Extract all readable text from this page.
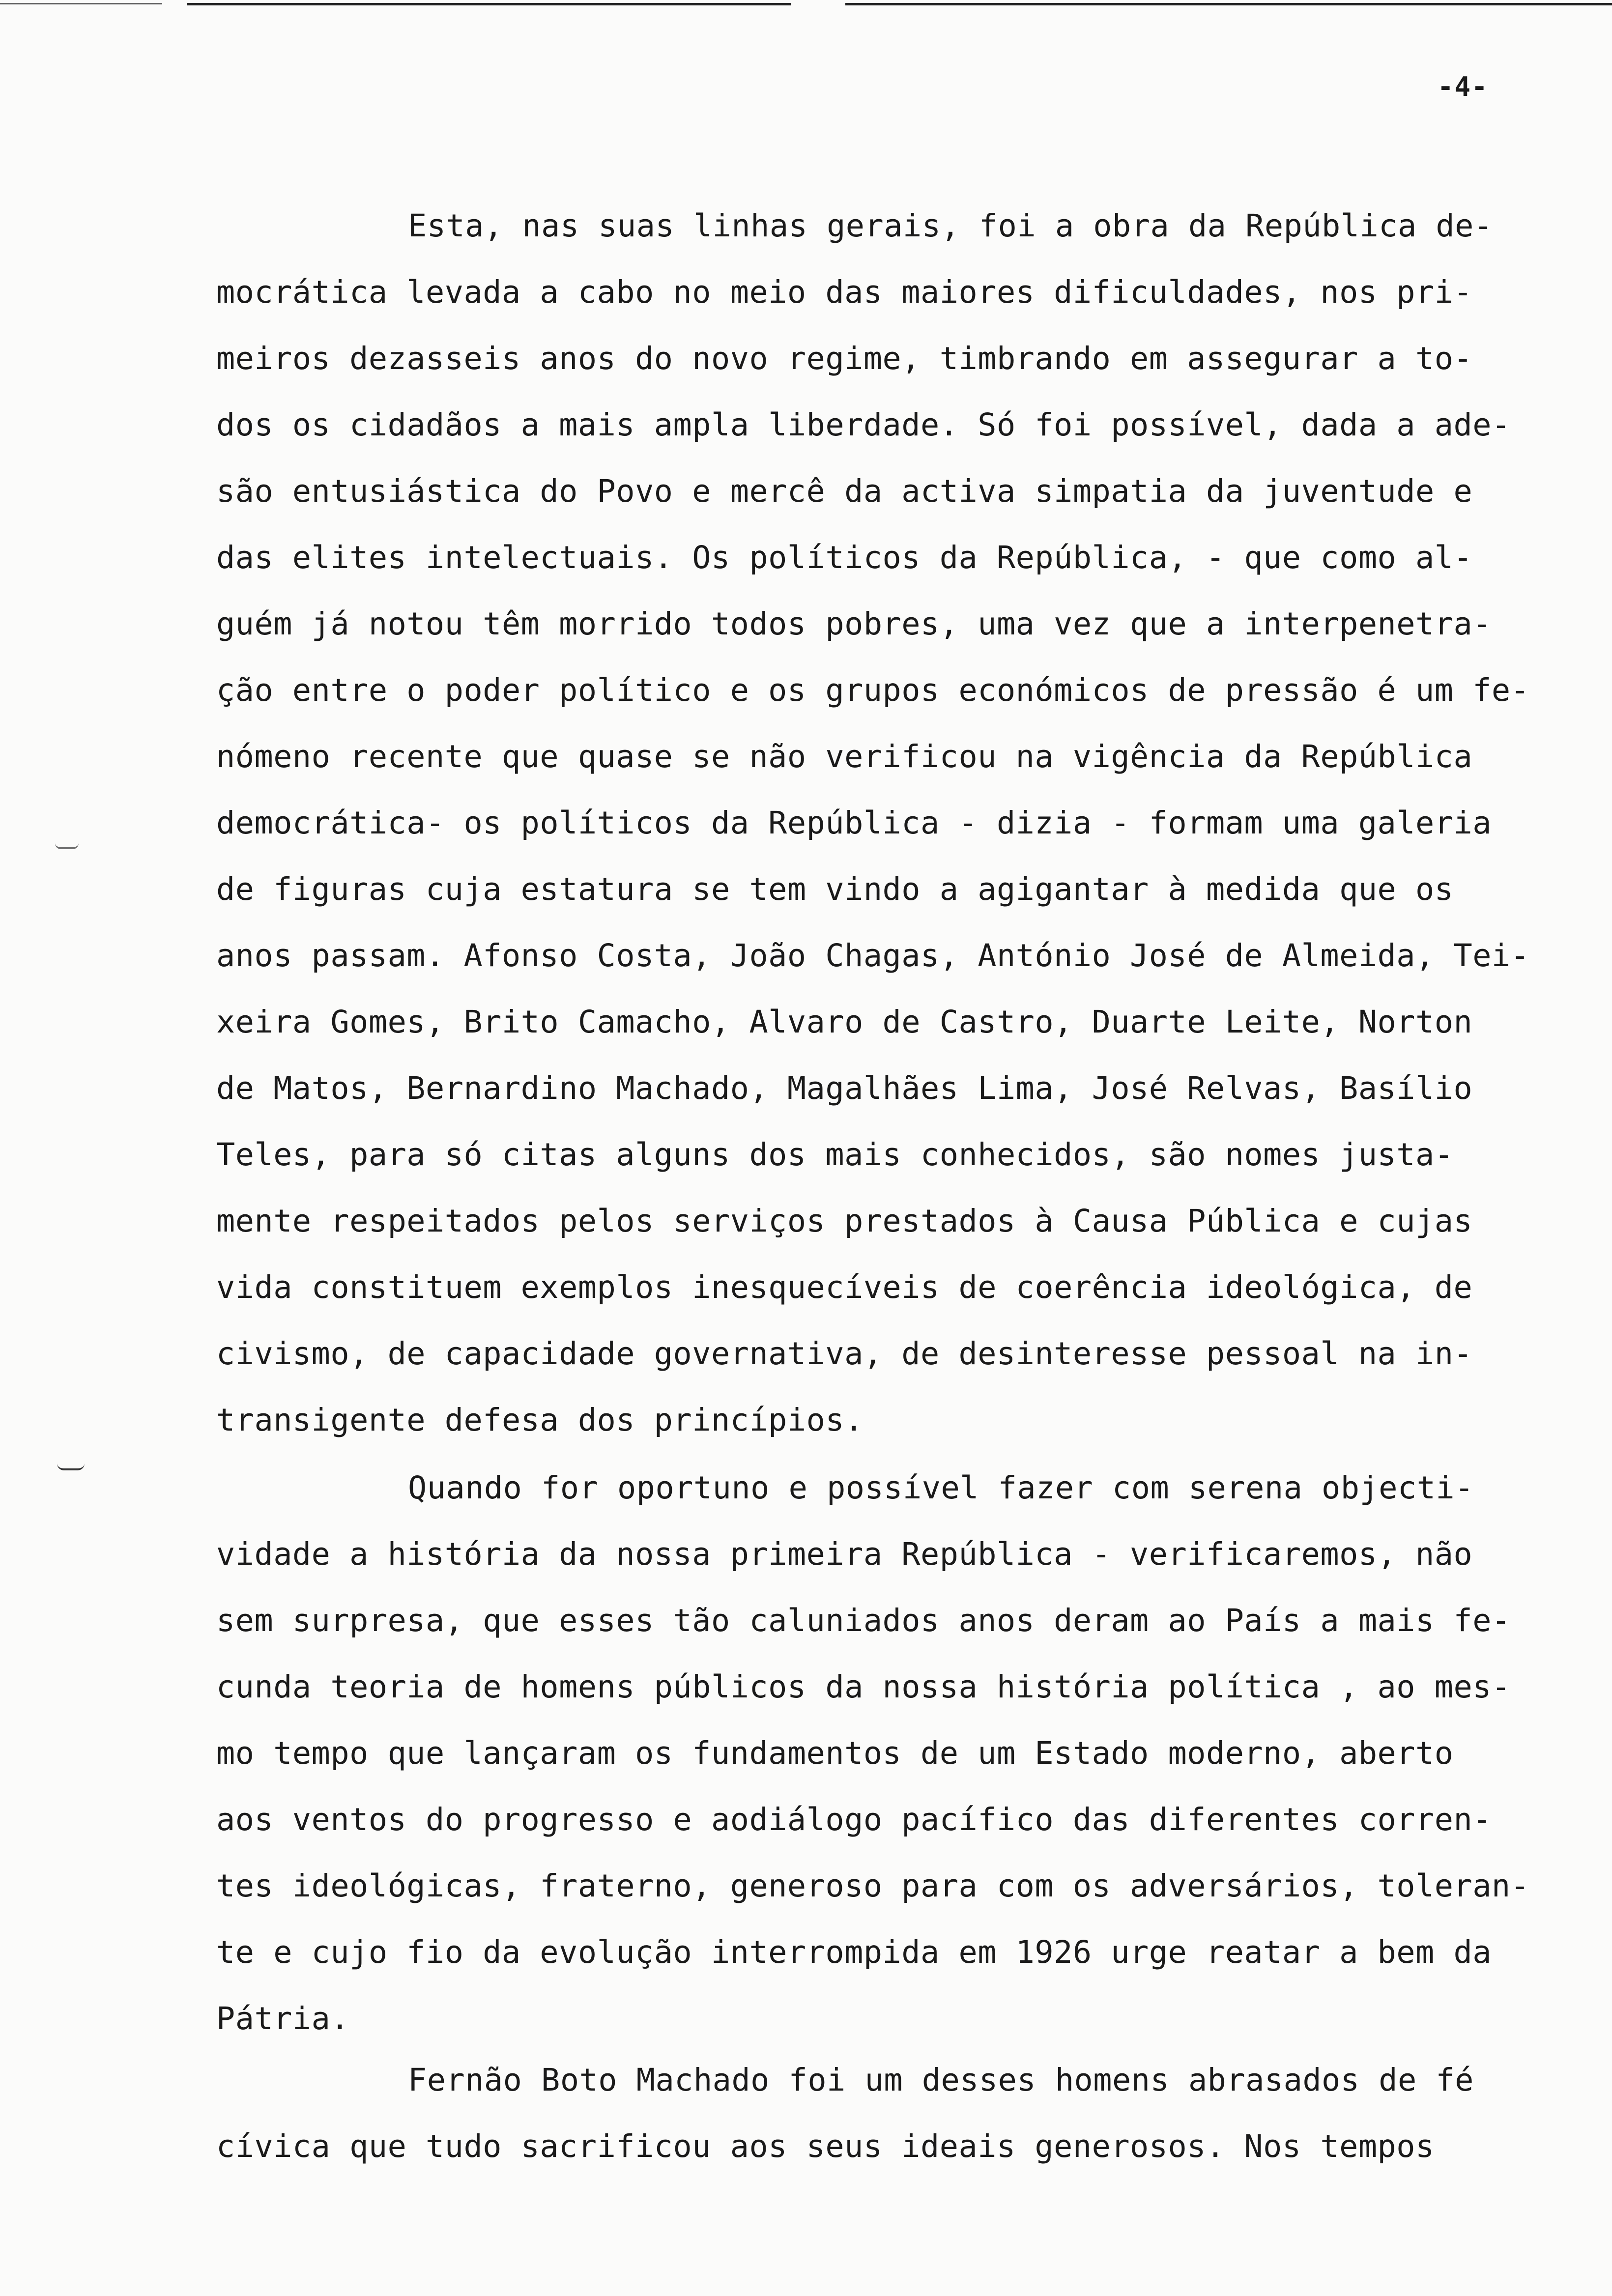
-4-
Esta, nas suas linhas gerais, foi a obra da República de-
mocrática levada a cabo no meio das maiores dificuldades, nos pri-
meiros dezasseis anos do novo regime, timbrando em assegurar a to-
dos os cidadãos a mais ampla liberdade. Só foi possível, dada a ade-
são entusiástica do Povo e mercê da activa simpatia da juventude e
das elites intelectuais. Os políticos da República, - que como al-
guém já notou têm morrido todos pobres, uma vez que a interpenetra-
ção entre o poder político e os grupos económicos de pressão é um fe-
nómeno recente que quase se não verificou na vigência da República
democrática- os políticos da República - dizia - formam uma galeria
de figuras cuja estatura se tem vindo a agigantar à medida que os
anos passam. Afonso Costa, João Chagas, António José de Almeida, Tei-
xeira Gomes, Brito Camacho, Alvaro de Castro, Duarte Leite, Norton
de Matos, Bernardino Machado, Magalhães Lima, José Relvas, Basílio
Teles, para só citas alguns dos mais conhecidos, são nomes justa-
mente respeitados pelos serviços prestados à Causa Pública e cujas
vida constituem exemplos inesquecíveis de coerência ideológica, de
civismo, de capacidade governativa, de desinteresse pessoal na in-
transigente defesa dos princípios.
Quando for oportuno e possível fazer com serena objecti-
vidade a história da nossa primeira República - verificaremos, não
sem surpresa, que esses tão caluniados anos deram ao País a mais fe-
cunda teoria de homens públicos da nossa história política , ao mes-
mo tempo que lançaram os fundamentos de um Estado moderno, aberto
aos ventos do progresso e aodiálogo pacífico das diferentes corren-
tes ideológicas, fraterno, generoso para com os adversários, toleran-
te e cujo fio da evolução interrompida em 1926 urge reatar a bem da
Pátria.
Fernão Boto Machado foi um desses homens abrasados de fé
cívica que tudo sacrificou aos seus ideais generosos. Nos tempos
